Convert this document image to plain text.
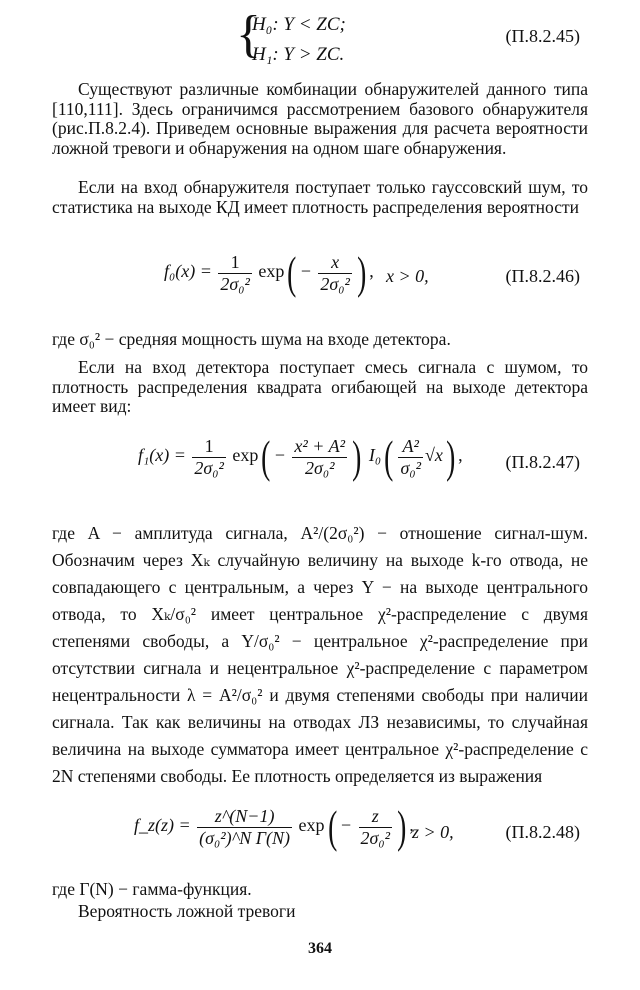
{
H₀: Y < ZC;
H₁: Y > ZC.
(П.8.2.45)
Существуют различные комбинации обнаружителей данного типа [110,111]. Здесь ограничимся рассмотрением базового обнаружителя (рис.П.8.2.4). Приведем основные выражения для расчета вероятности ложной тревоги и обнаружения на одном шаге обнаружения.
Если на вход обнаружителя поступает только гауссовский шум, то статистика на выходе КД имеет плотность распределения вероятности
$f_0(x) = \frac{1}{\text{2σ₀²}} \exp( - \frac{x}{\text{2σ₀²}}$ ) , x > 0,	(П.8.2.46)
где σ₀² − средняя мощность шума на входе детектора.
Если на вход детектора поступает смесь сигнала с шумом, то плотность распределения квадрата огибающей на выходе детектора имеет вид:
$f_1(x) = \frac{1}{\text{2σ₀²}} \exp( - \frac{\text{x² + A²}}{\text{2σ₀²}}$ ) $I_0( \frac{\text{A²}}{\text{σ₀²}} √x)$ , (П.8.2.47)
где A − амплитуда сигнала, A²/(2σ₀²) − отношение сигнал-шум. Обозначим через Xₖ случайную величину на выходе k-го отвода, не совпадающего с центральным, а через Y − на выходе центрального отвода, то Xₖ/σ₀² имеет центральное χ²-распределение с двумя степенями свободы, а Y/σ₀² − центральное χ²-распределение при отсутствии сигнала и нецентральное χ²-распределение с параметром нецентральности λ = A²/σ₀² и двумя степенями свободы при наличии сигнала. Так как величины на отводах ЛЗ независимы, то случайная величина на выходе сумматора имеет центральное χ²-распределение с 2N степенями свободы. Ее плотность определяется из выражения
f_z(z) = $\frac{z\^{}(N-1)}{\text{(σ₀²)\textasciicircum{}N Γ(N)}} \exp( - \frac{z}{\text{2σ₀²}}$ ) ,
z > 0,	(П.8.2.48)
где Γ(N) − гамма-функция.
Вероятность ложной тревоги
364
